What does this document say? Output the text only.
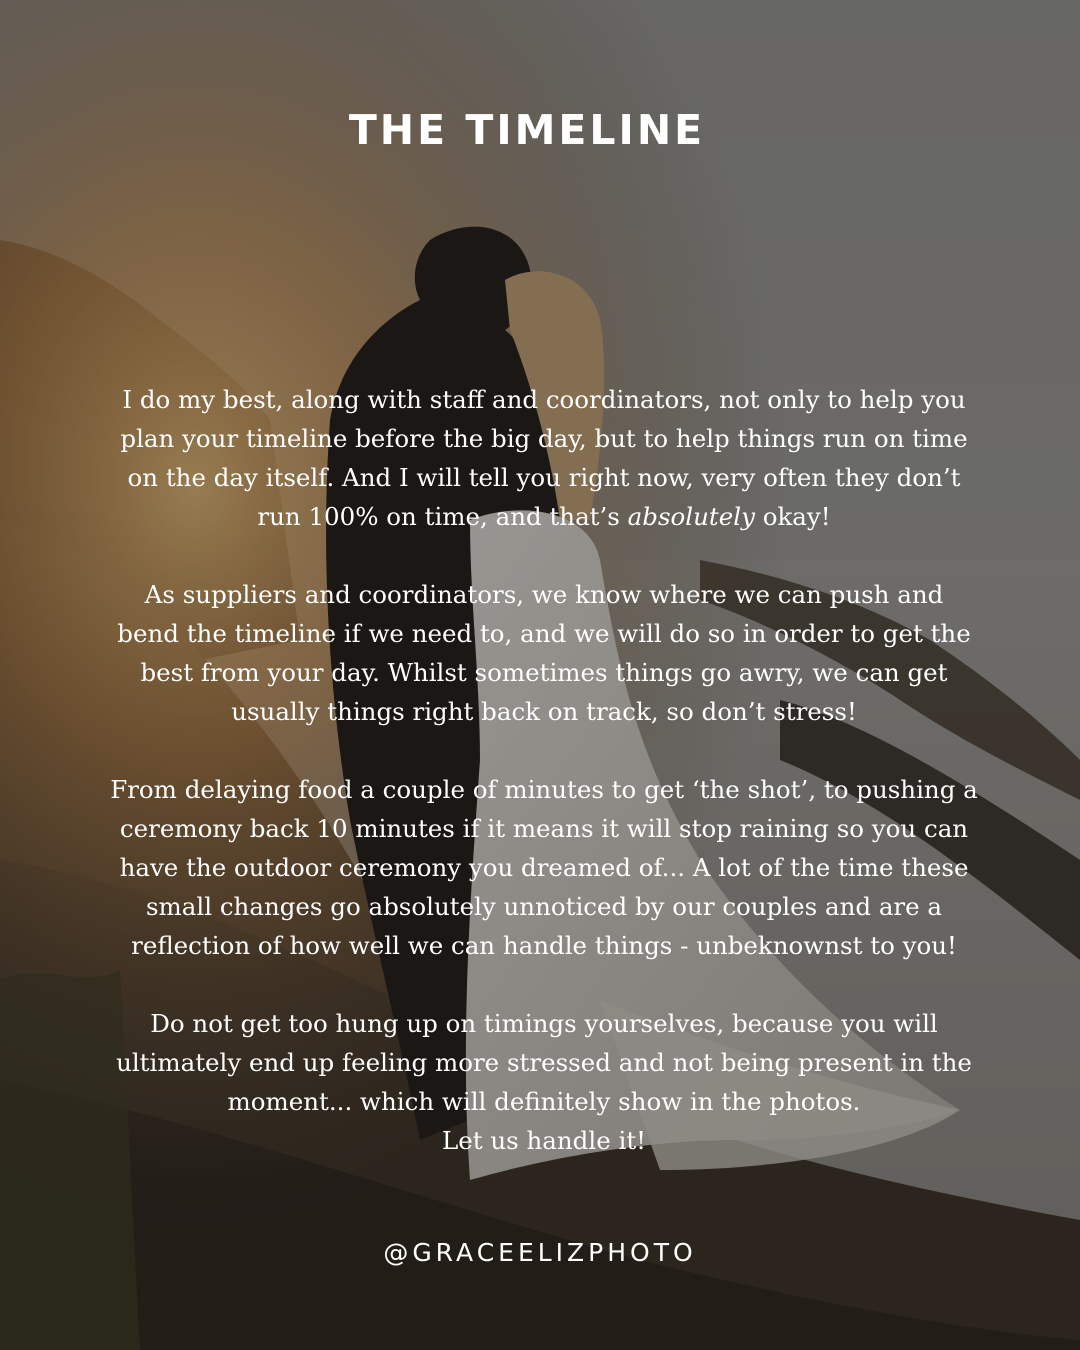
THE TIMELINE

I do my best, along with staff and coordinators, not only to help you plan your timeline before the big day, but to help things run on time on the day itself. And I will tell you right now, very often they don’t run 100% on time, and that’s absolutely okay!

As suppliers and coordinators, we know where we can push and bend the timeline if we need to, and we will do so in order to get the best from your day. Whilst sometimes things go awry, we can get usually things right back on track, so don’t stress!

From delaying food a couple of minutes to get ‘the shot’, to pushing a ceremony back 10 minutes if it means it will stop raining so you can have the outdoor ceremony you dreamed of... A lot of the time these small changes go absolutely unnoticed by our couples and are a reflection of how well we can handle things - unbeknownst to you!

Do not get too hung up on timings yourselves, because you will ultimately end up feeling more stressed and not being present in the moment... which will definitely show in the photos.
Let us handle it!

@GRACEELIZPHOTO
